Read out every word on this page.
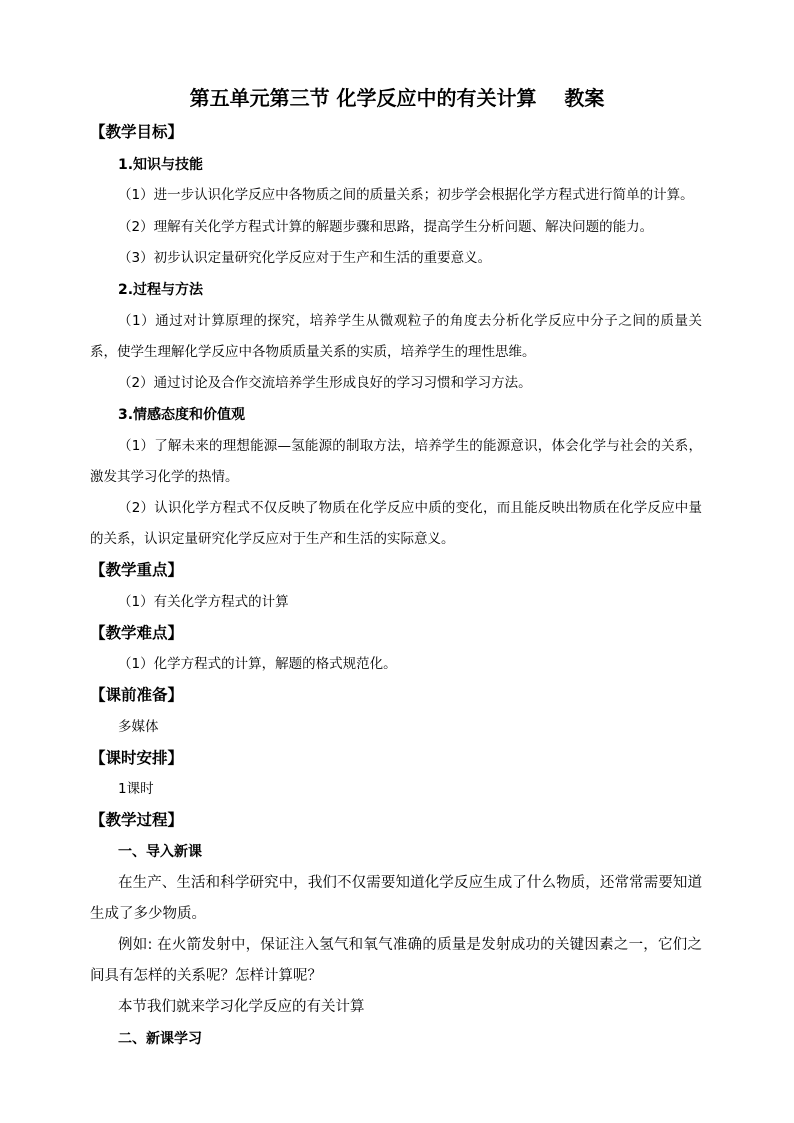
第五单元第三节 化学反应中的有关计算    教案
【教学目标】
1.知识与技能
（1）进一步认识化学反应中各物质之间的质量关系；初步学会根据化学方程式进行简单的计算。
（2）理解有关化学方程式计算的解题步骤和思路，提高学生分析问题、解决问题的能力。
（3）初步认识定量研究化学反应对于生产和生活的重要意义。
2.过程与方法
（1）通过对计算原理的探究，培养学生从微观粒子的角度去分析化学反应中分子之间的质量关系，使学生理解化学反应中各物质质量关系的实质，培养学生的理性思维。
（2）通过讨论及合作交流培养学生形成良好的学习习惯和学习方法。
3.情感态度和价值观
（1）了解未来的理想能源—氢能源的制取方法，培养学生的能源意识，体会化学与社会的关系，激发其学习化学的热情。
（2）认识化学方程式不仅反映了物质在化学反应中质的变化，而且能反映出物质在化学反应中量的关系，认识定量研究化学反应对于生产和生活的实际意义。
【教学重点】
（1）有关化学方程式的计算
【教学难点】
（1）化学方程式的计算，解题的格式规范化。
【课前准备】
多媒体
【课时安排】
1课时
【教学过程】
一、导入新课
在生产、生活和科学研究中，我们不仅需要知道化学反应生成了什么物质，还常常需要知道生成了多少物质。
例如: 在火箭发射中，保证注入氢气和氧气准确的质量是发射成功的关键因素之一，它们之间具有怎样的关系呢？怎样计算呢？
本节我们就来学习化学反应的有关计算
二、新课学习
